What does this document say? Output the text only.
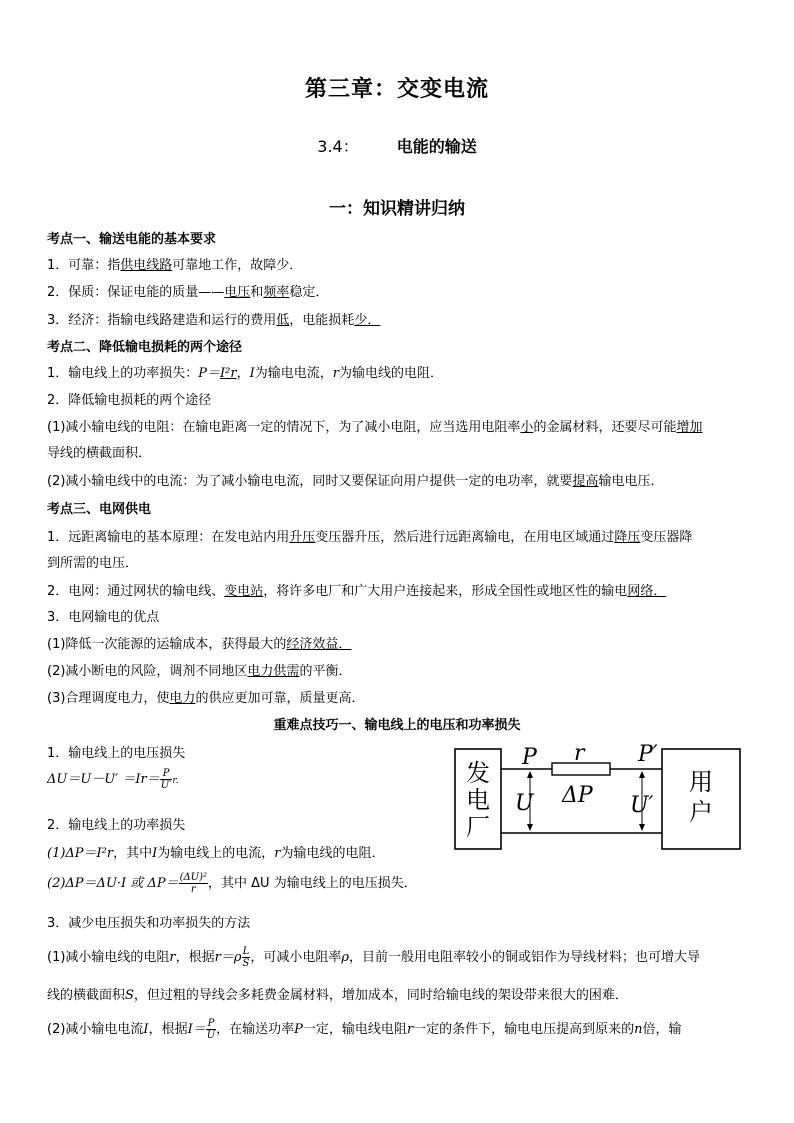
第三章：交变电流
3.4： 电能的输送
一：知识精讲归纳
考点一、输送电能的基本要求
1．可靠：指供电线路可靠地工作，故障少．
2．保质：保证电能的质量——电压和频率稳定．
3．经济：指输电线路建造和运行的费用低，电能损耗少．
考点二、降低输电损耗的两个途径
1．输电线上的功率损失：P＝I²r，I为输电电流，r为输电线的电阻．
2．降低输电损耗的两个途径
(1)减小输电线的电阻：在输电距离一定的情况下，为了减小电阻，应当选用电阻率小的金属材料，还要尽可能增加
导线的横截面积．
(2)减小输电线中的电流：为了减小输电电流，同时又要保证向用户提供一定的电功率，就要提高输电电压．
考点三、电网供电
1．远距离输电的基本原理：在发电站内用升压变压器升压，然后进行远距离输电，在用电区域通过降压变压器降
到所需的电压．
2．电网：通过网状的输电线、变电站，将许多电厂和广大用户连接起来，形成全国性或地区性的输电网络．
3．电网输电的优点
(1)降低一次能源的运输成本，获得最大的经济效益．
(2)减小断电的风险，调剂不同地区电力供需的平衡．
(3)合理调度电力，使电力的供应更加可靠，质量更高．
重难点技巧一、输电线上的电压和功率损失
1．输电线上的电压损失
$\Delta U=U-U' =Ir= \frac{P}{U'} r$.
2．输电线上的功率损失
(1)ΔP＝I²r，其中I为输电线上的电流，r为输电线的电阻．
(2)ΔP＝ΔU·I 或 $\Delta P= \frac{\text{(ΔU)²}}{r}$ ，其中 ΔU 为输电线上的电压损失．
3．减少电压损失和功率损失的方法
(1)减小输电线的电阻r，根据$r=\rho \frac{L}{S}$ ，可减小电阻率ρ，目前一般用电阻率较小的铜或铝作为导线材料；也可增大导
线的横截面积S，但过粗的导线会多耗费金属材料，增加成本，同时给输电线的架设带来很大的困难．
(2)减小输电电流I，根据$I= \frac{P}{U}$ ，在输送功率P一定，输电线电阻r一定的条件下，输电电压提高到原来的n倍，输
发
电
厂
用
户
P r P′
U ΔP U′
